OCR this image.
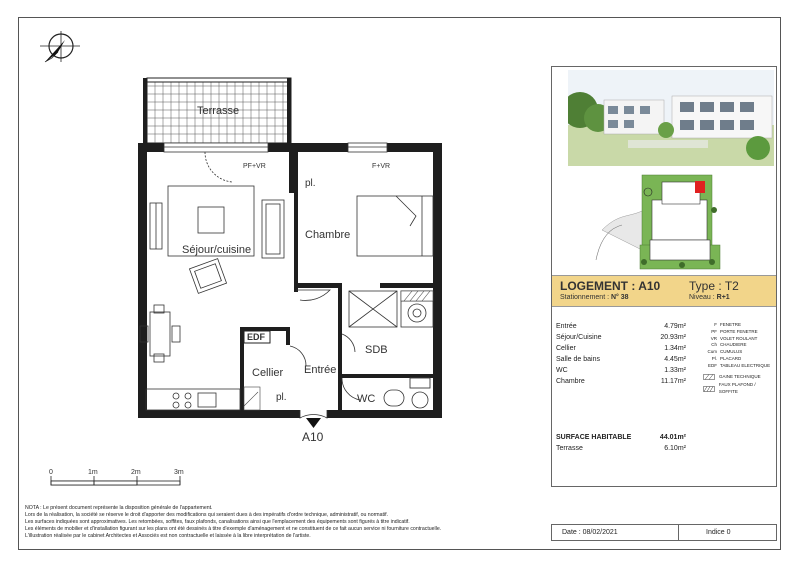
Terrasse
PF+VR	F+VR
Séjour/cuisine
Chambre
pl.
SDB
EDF
Cellier Entrée
WC
pl.
A10
0	1m	2m	3m
LOGEMENT : A10
Stationnement : N° 38
Type : T2
Niveau : R+1
Entrée	4.79m²
Séjour/Cuisine	20.93m²
Cellier	1.34m²
Salle de bains	4.45m²
WC	1.33m²
Chambre	11.17m²
F FENETRE
PF PORTE FENETRE
VR VOLET ROULANT
Ch CHAUDIERE
Cum CUMULUS
Pl. PLACARD
EDF TABLEAU ELECTRIQUE
GAINE TECHNIQUE
FAUX PLAFOND / SOFFITE
SURFACE HABITABLE	44.01m²
Terrasse	6.10m²
NOTA : Le présent document représente la disposition générale de l'appartement.
Lors de la réalisation, la société se réserve le droit d'apporter des modifications qui seraient dues à des impératifs d'ordre technique, administratif, ou normatif.
Les surfaces indiquées sont approximatives. Les retombées, soffites, faux plafonds, canalisations ainsi que l'emplacement des équipements sont figurés à titre indicatif.
Les éléments de mobilier et d'installation figurant sur les plans ont été dessinés à titre d'exemple d'aménagement et ne constituent de ce fait aucun service ni fourniture contractuelle.
L'illustration réalisée par le cabinet Architectes et Associés est non contractuelle et laissée à la libre interprétation de l'artiste.	Date : 08/02/2021	Indice 0
